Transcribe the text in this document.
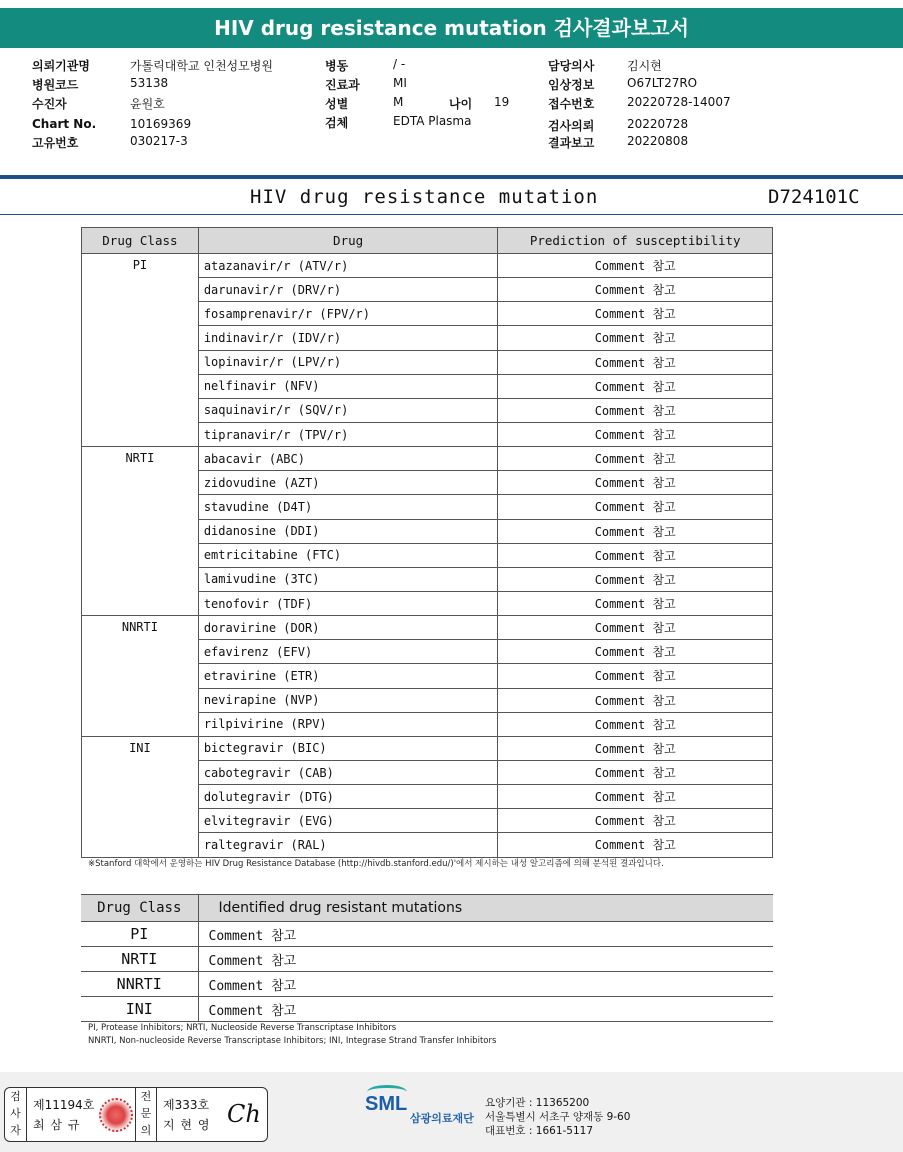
HIV drug resistance mutation 검사결과보고서
의뢰기관명	가톨릭대학교 인천성모병원
병원코드	53138
수진자	윤원호
Chart No.	10169369
고유번호	030217-3
병동	/ -
진료과	MI
성별	M	나이 19
검체	EDTA Plasma
담당의사	김시현
임상정보	O67LT27RO
접수번호	20220728-14007
검사의뢰	20220728
결과보고	20220808
HIV drug resistance mutation	D724101C
Drug Class	Drug	Prediction of susceptibility
PI	atazanavir/r (ATV/r)	Comment 참고
	darunavir/r (DRV/r)	Comment 참고
	fosamprenavir/r (FPV/r)	Comment 참고
	indinavir/r (IDV/r)	Comment 참고
	lopinavir/r (LPV/r)	Comment 참고
	nelfinavir (NFV)	Comment 참고
	saquinavir/r (SQV/r)	Comment 참고
	tipranavir/r (TPV/r)	Comment 참고
NRTI	abacavir (ABC)	Comment 참고
	zidovudine (AZT)	Comment 참고
	stavudine (D4T)	Comment 참고
	didanosine (DDI)	Comment 참고
	emtricitabine (FTC)	Comment 참고
	lamivudine (3TC)	Comment 참고
	tenofovir (TDF)	Comment 참고
NNRTI	doravirine (DOR)	Comment 참고
	efavirenz (EFV)	Comment 참고
	etravirine (ETR)	Comment 참고
	nevirapine (NVP)	Comment 참고
	rilpivirine (RPV)	Comment 참고
INI	bictegravir (BIC)	Comment 참고
	cabotegravir (CAB)	Comment 참고
	dolutegravir (DTG)	Comment 참고
	elvitegravir (EVG)	Comment 참고
	raltegravir (RAL)	Comment 참고
※Stanford 대학에서 운영하는 HIV Drug Resistance Database (http://hivdb.stanford.edu/)'에서 제시하는 내성 알고리즘에 의해 분석된 결과입니다.
Drug Class	Identified drug resistant mutations
PI	Comment 참고
NRTI	Comment 참고
NNRTI	Comment 참고
INI	Comment 참고
PI, Protease Inhibitors; NRTI, Nucleoside Reverse Transcriptase Inhibitors
NNRTI, Non-nucleoside Reverse Transcriptase Inhibitors; INI, Integrase Strand Transfer Inhibitors
검사자
제11194호
최 삼 규
전문의
제333호
지 현 영 Ch	SML
삼광의료재단
요양기관 : 11365200
서울특별시 서초구 양재동 9-60
대표번호 : 1661-5117
